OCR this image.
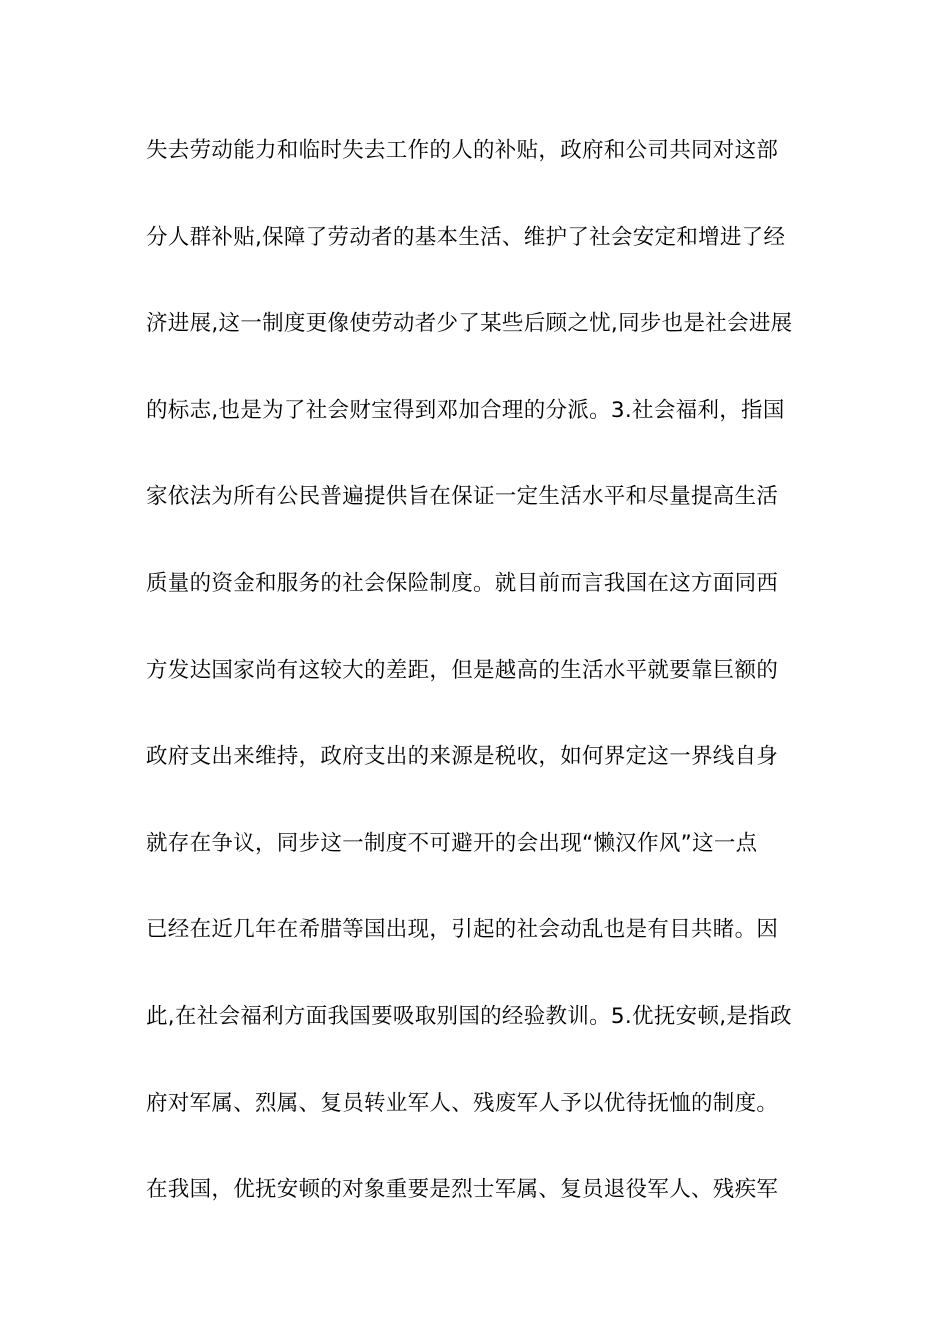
失去劳动能力和临时失去工作的人的补贴，政府和公司共同对这部
分人群补贴,保障了劳动者的基本生活、维护了社会安定和增进了经
济进展,这一制度更像使劳动者少了某些后顾之忧,同步也是社会进展
的标志,也是为了社会财宝得到邓加合理的分派。3.社会福利，指国
家依法为所有公民普遍提供旨在保证一定生活水平和尽量提高生活
质量的资金和服务的社会保险制度。就目前而言我国在这方面同西
方发达国家尚有这较大的差距，但是越高的生活水平就要靠巨额的
政府支出来维持，政府支出的来源是税收，如何界定这一界线自身
就存在争议，同步这一制度不可避开的会出现“懒汉作风”这一点
已经在近几年在希腊等国出现，引起的社会动乱也是有目共睹。因
此,在社会福利方面我国要吸取别国的经验教训。5.优抚安顿,是指政
府对军属、烈属、复员转业军人、残废军人予以优待抚恤的制度。
在我国，优抚安顿的对象重要是烈士军属、复员退役军人、残疾军
